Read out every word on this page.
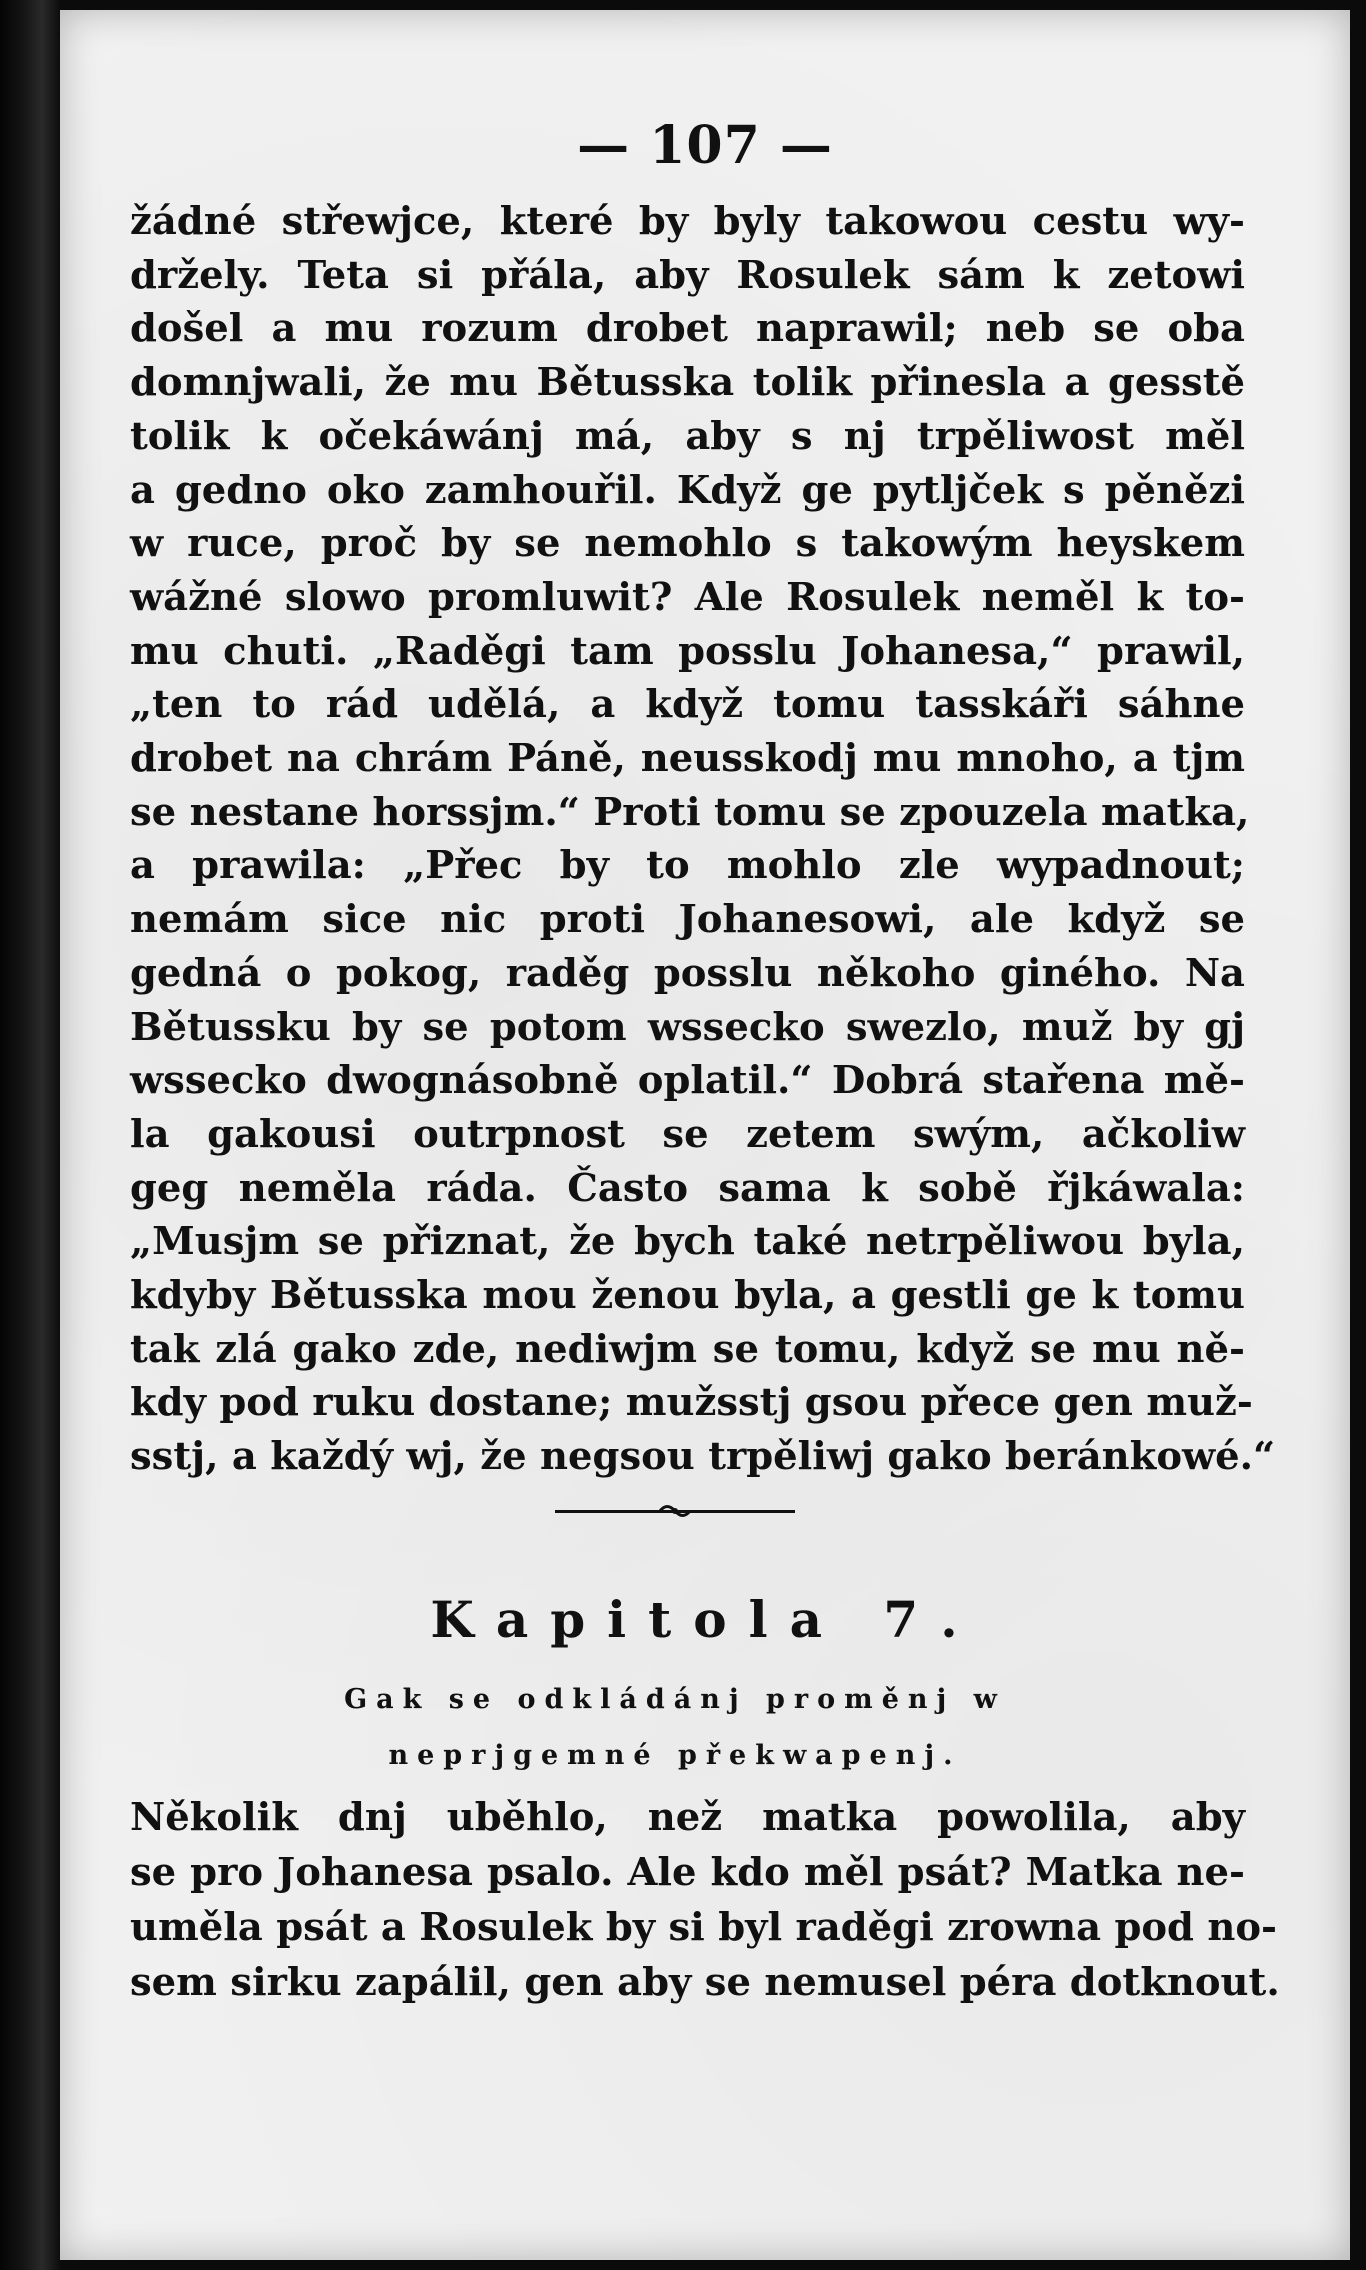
— 107 —
žádné střewjce, které by byly takowou cestu wy-
držely. Teta si přála, aby Rosulek sám k zetowi
došel a mu rozum drobet naprawil; neb se oba
domnjwali, že mu Bětusska tolik přinesla a gesstě
tolik k očekáwánj má, aby s nj trpěliwost měl
a gedno oko zamhouřil. Když ge pytljček s pěnězi
w ruce, proč by se nemohlo s takowým heyskem
wážné slowo promluwit? Ale Rosulek neměl k to-
mu chuti. „Raděgi tam posslu Johanesa,“ prawil,
„ten to rád udělá, a když tomu tasskáři sáhne
drobet na chrám Páně, neusskodj mu mnoho, a tjm
se nestane horssjm.“ Proti tomu se zpouzela matka,
a prawila: „Přec by to mohlo zle wypadnout;
nemám sice nic proti Johanesowi, ale když se
gedná o pokog, raděg posslu někoho giného. Na
Bětussku by se potom wssecko swezlo, muž by gj
wssecko dwognásobně oplatil.“ Dobrá stařena mě-
la gakousi outrpnost se zetem swým, ačkoliw
geg neměla ráda. Často sama k sobě řjkáwala:
„Musjm se přiznat, že bych také netrpěliwou byla,
kdyby Bětusska mou ženou byla, a gestli ge k tomu
tak zlá gako zde, nediwjm se tomu, když se mu ně-
kdy pod ruku dostane; mužsstj gsou přece gen muž-
sstj, a každý wj, že negsou trpěliwj gako beránkowé.“
Kapitola 7.
Gak se odkládánj proměnj w neprjgemné překwapenj.
Několik dnj uběhlo, než matka powolila, aby
se pro Johanesa psalo. Ale kdo měl psát? Matka ne-
uměla psát a Rosulek by si byl raděgi zrowna pod no-
sem sirku zapálil, gen aby se nemusel péra dotknout.
